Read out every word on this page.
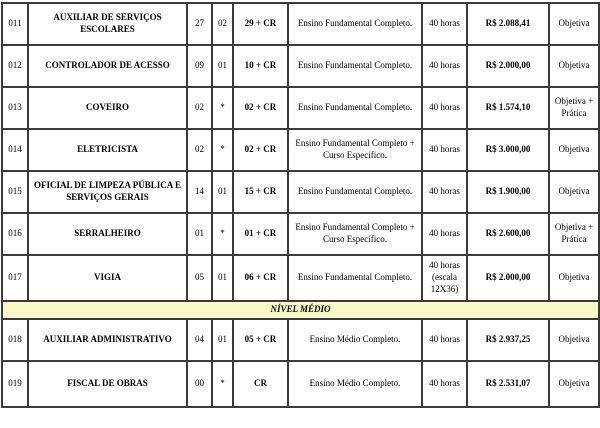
011	AUXILIAR DE SERVIÇOS ESCOLARES	27	02	29 + CR	Ensino Fundamental Completo.	40 horas	R$ 2.088,41	Objetiva
012	CONTROLADOR DE ACESSO	09	01	10 + CR	Ensino Fundamental Completo.	40 horas	R$ 2.000,00	Objetiva
013	COVEIRO	02	*	02 + CR	Ensino Fundamental Completo.	40 horas	R$ 1.574,10	Objetiva + Prática
014	ELETRICISTA	02	*	02 + CR	Ensino Fundamental Completo + Curso Específico.	40 horas	R$ 3.000,00	Objetiva
015	OFICIAL DE LIMPEZA PÚBLICA E SERVIÇOS GERAIS	14	01	15 + CR	Ensino Fundamental Completo.	40 horas	R$ 1.900,00	Objetiva
016	SERRALHEIRO	01	*	01 + CR	Ensino Fundamental Completo + Curso Específico.	40 horas	R$ 2.600,00	Objetiva + Prática
017	VIGIA	05	01	06 + CR	Ensino Fundamental Completo.	40 horas (escala 12X36)	R$ 2.000,00	Objetiva
NÍVEL MÉDIO								
018	AUXILIAR ADMINISTRATIVO	04	01	05 + CR	Ensino Médio Completo.	40 horas	R$ 2.937,25	Objetiva
019	FISCAL DE OBRAS	00	*	CR	Ensino Médio Completo.	40 horas	R$ 2.531,07	Objetiva
